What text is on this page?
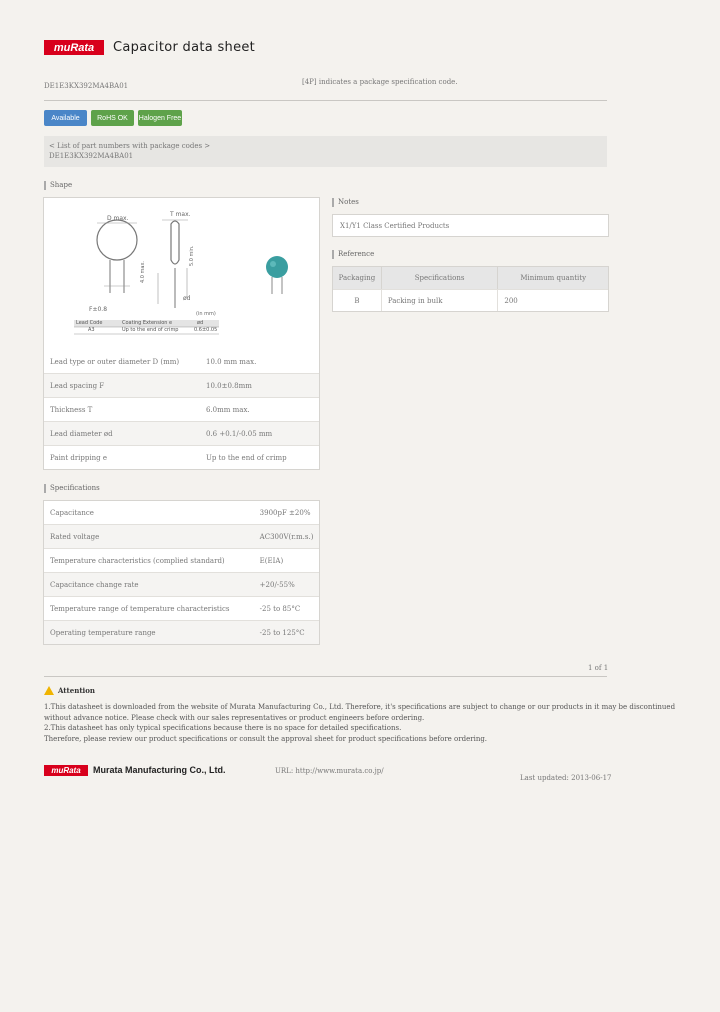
muRata	Capacitor data sheet
DE1E3KX392MA4BA01	[4P] indicates a package specification code.
Available	RoHS OK	Halogen Free
< List of part numbers with package codes >
DE1E3KX392MA4BA01
Shape
D max.
T max.
4.0 max.
5.0 min.
F±0.8
ød
(in mm)
Lead Code	Coating Extension e	ød
A3	Up to the end of crimp	0.6±0.05
Lead type or outer diameter D (mm)	10.0 mm max.
Lead spacing F	10.0±0.8mm
Thickness T	6.0mm max.
Lead diameter ød	0.6 +0.1/-0.05 mm
Paint dripping e	Up to the end of crimp
Specifications
Capacitance	3900pF ±20%
Rated voltage	AC300V(r.m.s.)
Temperature characteristics (complied standard)	E(EIA)
Capacitance change rate	+20/-55%
Temperature range of temperature characteristics	-25 to 85°C
Operating temperature range	-25 to 125°C
Notes
X1/Y1 Class Certified Products
Reference
Packaging	Specifications	Minimum quantity
B	Packing in bulk	200
1 of 1
Attention
1.This datasheet is downloaded from the website of Murata Manufacturing Co., Ltd. Therefore, it's specifications are subject to change or our products in it may be discontinued
without advance notice. Please check with our sales representatives or product engineers before ordering.
2.This datasheet has only typical specifications because there is no space for detailed specifications.
Therefore, please review our product specifications or consult the approval sheet for product specifications before ordering.
muRata	Murata Manufacturing Co., Ltd.	URL: http://www.murata.co.jp/
Last updated: 2013-06-17
